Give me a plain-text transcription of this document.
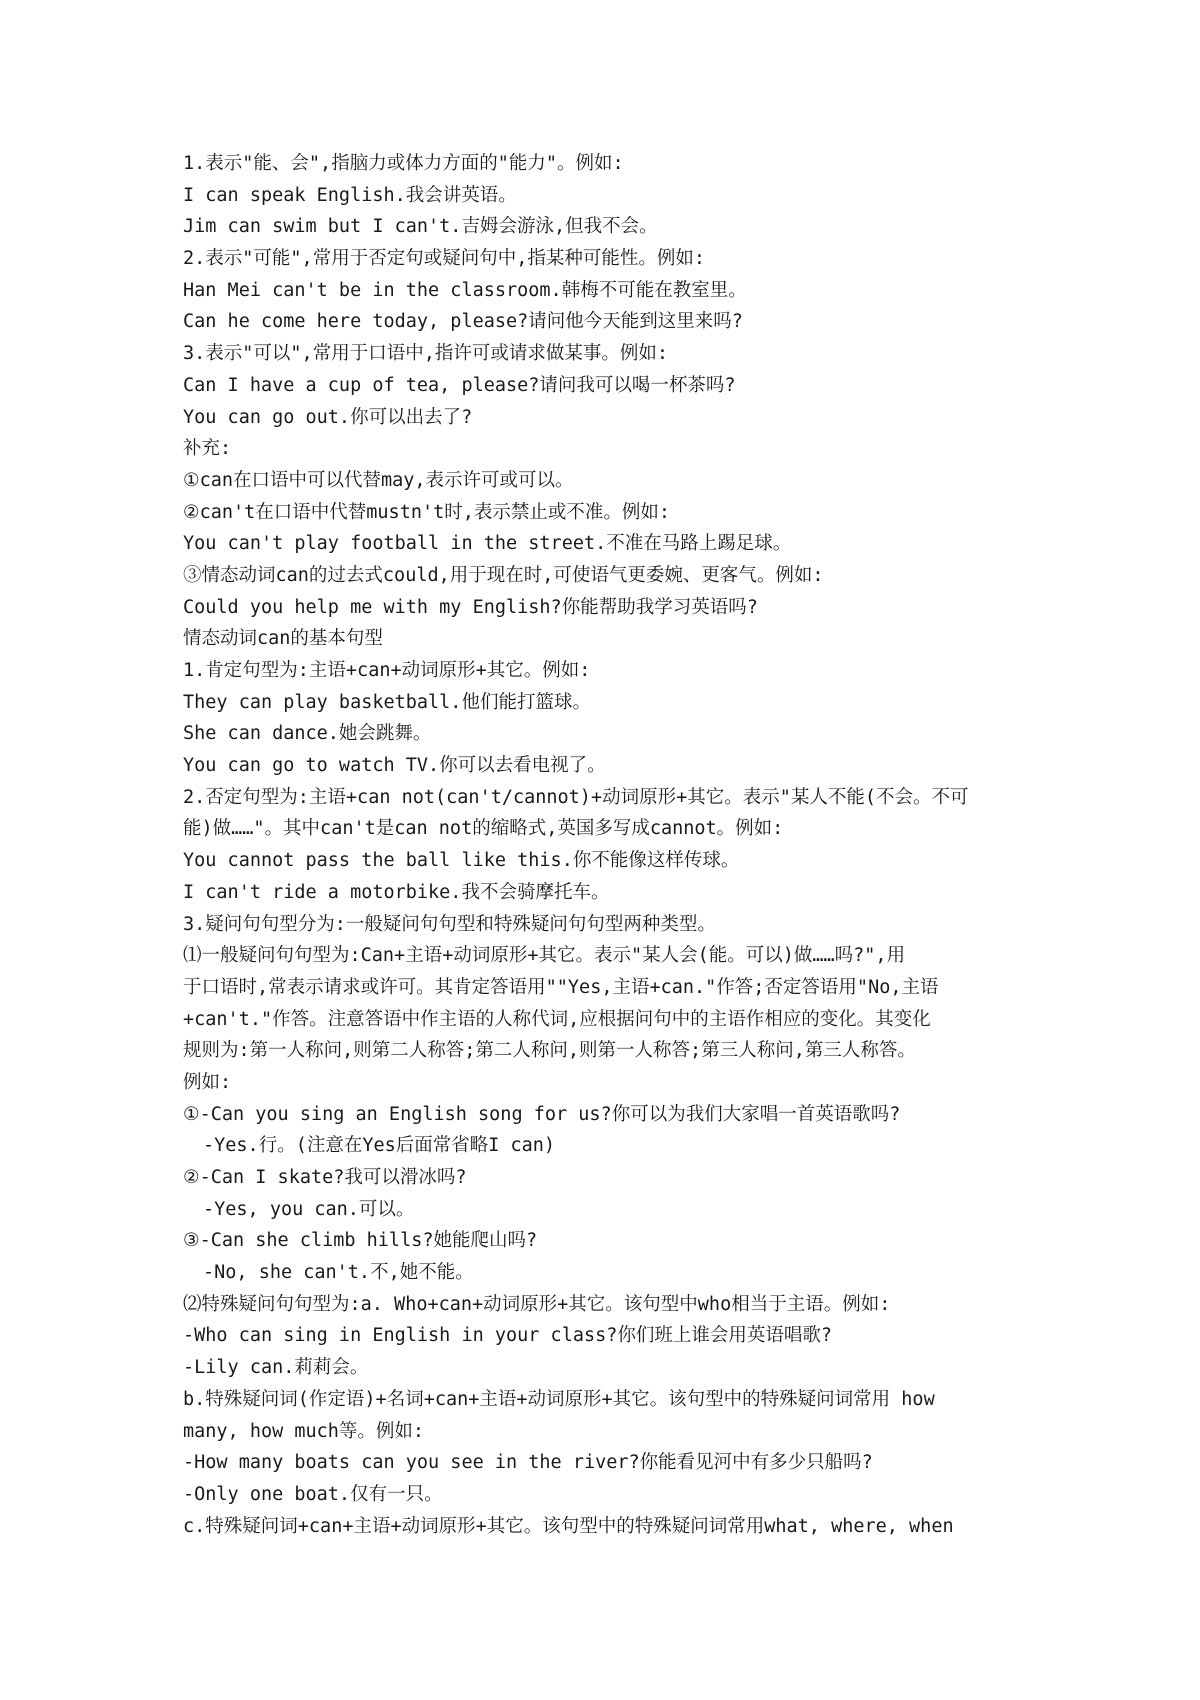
1.表示"能、会",指脑力或体力方面的"能力"。例如:
I can speak English.我会讲英语。
Jim can swim but I can't.吉姆会游泳,但我不会。
2.表示"可能",常用于否定句或疑问句中,指某种可能性。例如:
Han Mei can't be in the classroom.韩梅不可能在教室里。
Can he come here today, please?请问他今天能到这里来吗?
3.表示"可以",常用于口语中,指许可或请求做某事。例如:
Can I have a cup of tea, please?请问我可以喝一杯茶吗?
You can go out.你可以出去了?
补充:
①can在口语中可以代替may,表示许可或可以。
②can't在口语中代替mustn't时,表示禁止或不准。例如:
You can't play football in the street.不准在马路上踢足球。
③情态动词can的过去式could,用于现在时,可使语气更委婉、更客气。例如:
Could you help me with my English?你能帮助我学习英语吗?
情态动词can的基本句型
1.肯定句型为:主语+can+动词原形+其它。例如:
They can play basketball.他们能打篮球。
She can dance.她会跳舞。
You can go to watch TV.你可以去看电视了。
2.否定句型为:主语+can not(can't/cannot)+动词原形+其它。表示"某人不能(不会。不可
能)做……"。其中can't是can not的缩略式,英国多写成cannot。例如:
You cannot pass the ball like this.你不能像这样传球。
I can't ride a motorbike.我不会骑摩托车。
3.疑问句句型分为:一般疑问句句型和特殊疑问句句型两种类型。
⑴一般疑问句句型为:Can+主语+动词原形+其它。表示"某人会(能。可以)做……吗?",用
于口语时,常表示请求或许可。其肯定答语用""Yes,主语+can."作答;否定答语用"No,主语
+can't."作答。注意答语中作主语的人称代词,应根据问句中的主语作相应的变化。其变化
规则为:第一人称问,则第二人称答;第二人称问,则第一人称答;第三人称问,第三人称答。
例如:
①-Can you sing an English song for us?你可以为我们大家唱一首英语歌吗?
-Yes.行。(注意在Yes后面常省略I can)
②-Can I skate?我可以滑冰吗?
-Yes, you can.可以。
③-Can she climb hills?她能爬山吗?
-No, she can't.不,她不能。
⑵特殊疑问句句型为:a. Who+can+动词原形+其它。该句型中who相当于主语。例如:
-Who can sing in English in your class?你们班上谁会用英语唱歌?
-Lily can.莉莉会。
b.特殊疑问词(作定语)+名词+can+主语+动词原形+其它。该句型中的特殊疑问词常用 how
many, how much等。例如:
-How many boats can you see in the river?你能看见河中有多少只船吗?
-Only one boat.仅有一只。
c.特殊疑问词+can+主语+动词原形+其它。该句型中的特殊疑问词常用what, where, when
